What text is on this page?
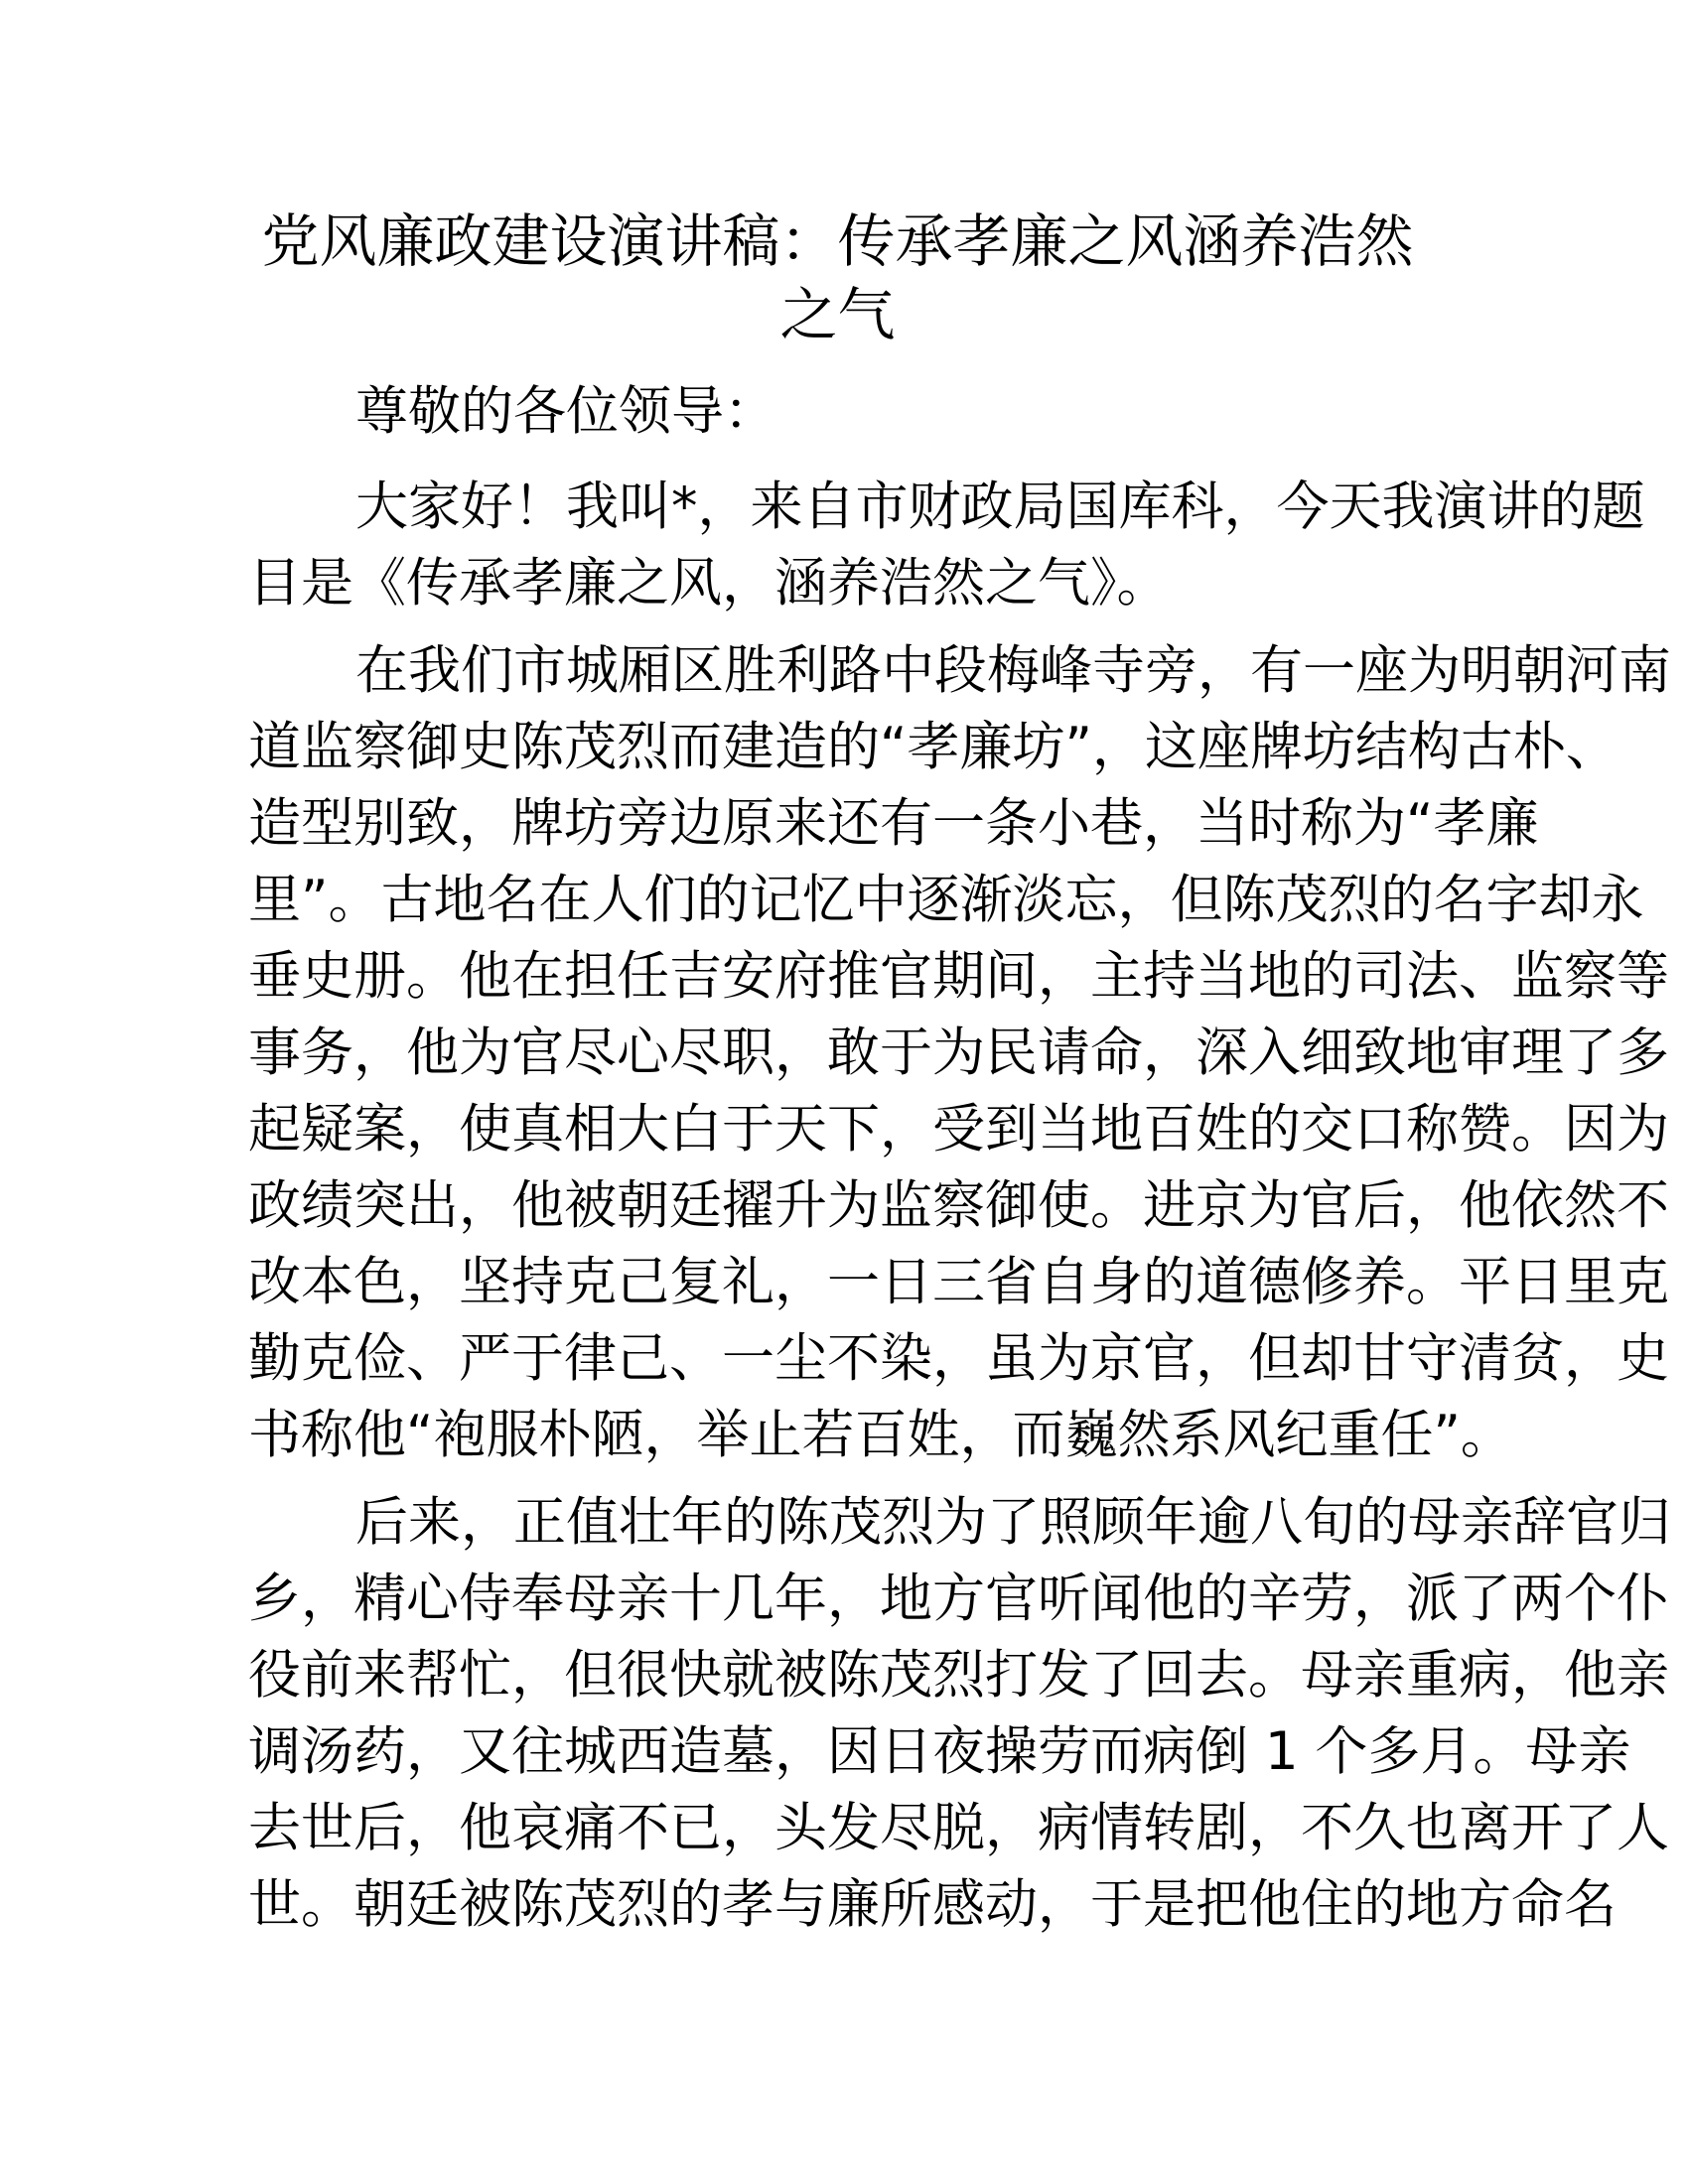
党风廉政建设演讲稿：传承孝廉之风涵养浩然
之气

尊敬的各位领导：

大家好！我叫*，来自市财政局国库科，今天我演讲的题
目是《传承孝廉之风，涵养浩然之气》。

在我们市城厢区胜利路中段梅峰寺旁，有一座为明朝河南
道监察御史陈茂烈而建造的“孝廉坊”，这座牌坊结构古朴、
造型别致，牌坊旁边原来还有一条小巷，当时称为“孝廉
里”。古地名在人们的记忆中逐渐淡忘，但陈茂烈的名字却永
垂史册。他在担任吉安府推官期间，主持当地的司法、监察等
事务，他为官尽心尽职，敢于为民请命，深入细致地审理了多
起疑案，使真相大白于天下，受到当地百姓的交口称赞。因为
政绩突出，他被朝廷擢升为监察御使。进京为官后，他依然不
改本色，坚持克己复礼，一日三省自身的道德修养。平日里克
勤克俭、严于律己、一尘不染，虽为京官，但却甘守清贫，史
书称他“袍服朴陋，举止若百姓，而巍然系风纪重任”。

后来，正值壮年的陈茂烈为了照顾年逾八旬的母亲辞官归
乡，精心侍奉母亲十几年，地方官听闻他的辛劳，派了两个仆
役前来帮忙，但很快就被陈茂烈打发了回去。母亲重病，他亲
调汤药，又往城西造墓，因日夜操劳而病倒 1 个多月。母亲
去世后，他哀痛不已，头发尽脱，病情转剧，不久也离开了人
世。朝廷被陈茂烈的孝与廉所感动，于是把他住的地方命名
